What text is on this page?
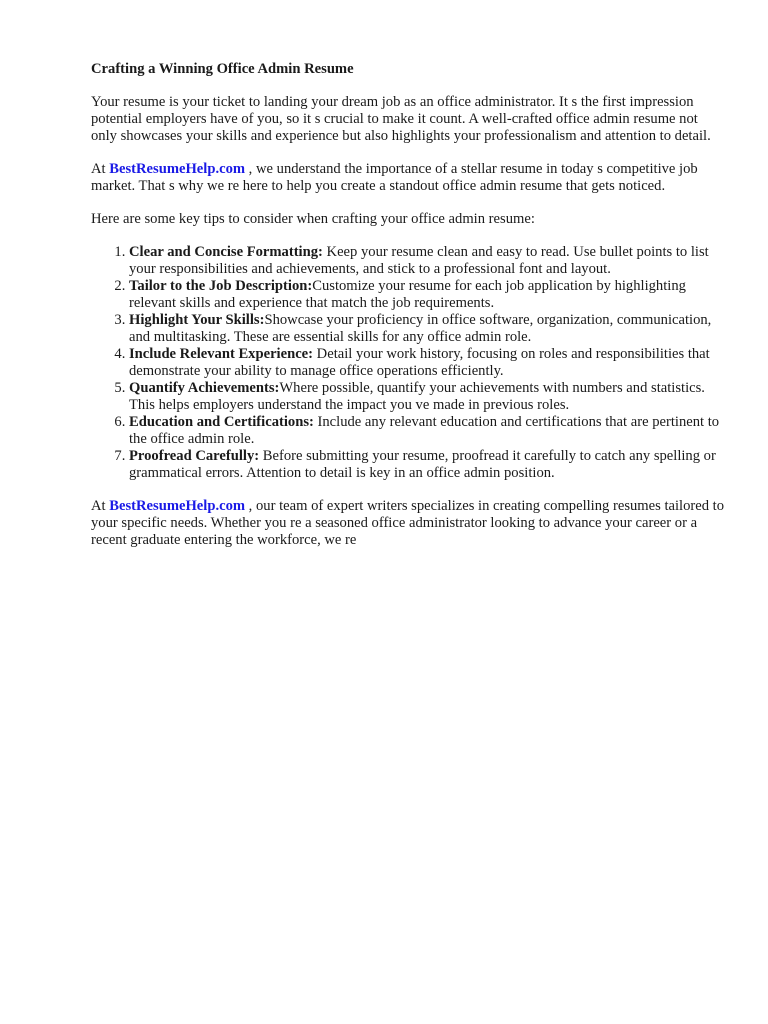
Crafting a Winning Office Admin Resume

Your resume is your ticket to landing your dream job as an office administrator. It s the first impression potential employers have of you, so it s crucial to make it count. A well-crafted office admin resume not only showcases your skills and experience but also highlights your professionalism and attention to detail.

At BestResumeHelp.com , we understand the importance of a stellar resume in today s competitive job market. That s why we re here to help you create a standout office admin resume that gets noticed.

Here are some key tips to consider when crafting your office admin resume:

1. Clear and Concise Formatting: Keep your resume clean and easy to read. Use bullet points to list your responsibilities and achievements, and stick to a professional font and layout.
2. Tailor to the Job Description:Customize your resume for each job application by highlighting relevant skills and experience that match the job requirements.
3. Highlight Your Skills:Showcase your proficiency in office software, organization, communication, and multitasking. These are essential skills for any office admin role.
4. Include Relevant Experience: Detail your work history, focusing on roles and responsibilities that demonstrate your ability to manage office operations efficiently.
5. Quantify Achievements:Where possible, quantify your achievements with numbers and statistics. This helps employers understand the impact you ve made in previous roles.
6. Education and Certifications: Include any relevant education and certifications that are pertinent to the office admin role.
7. Proofread Carefully: Before submitting your resume, proofread it carefully to catch any spelling or grammatical errors. Attention to detail is key in an office admin position.

At BestResumeHelp.com , our team of expert writers specializes in creating compelling resumes tailored to your specific needs. Whether you re a seasoned office administrator looking to advance your career or a recent graduate entering the workforce, we re
